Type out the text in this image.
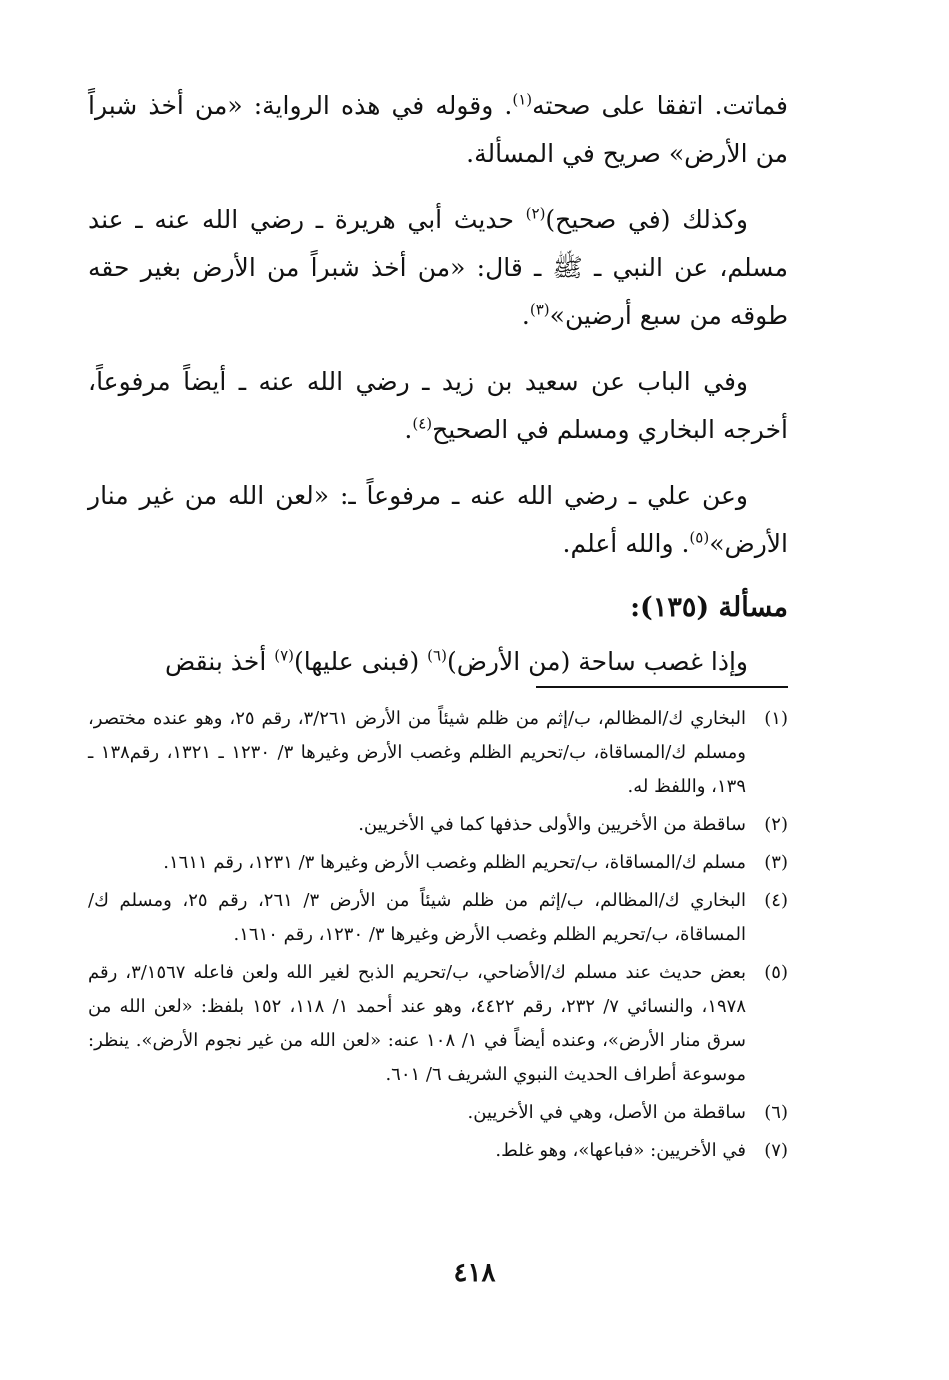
فماتت. اتفقا على صحته$^{(١)}$. وقوله في هذه الرواية: «من أخذ شبراً من الأرض» صريح في المسألة.

وكذلك (في صحيح)$^{(٢)}$ حديث أبي هريرة ـ رضي الله عنه ـ عند مسلم، عن النبي ـ ﷺ ـ قال: «من أخذ شبراً من الأرض بغير حقه طوقه من سبع أرضين»$^{(٣)}$.

وفي الباب عن سعيد بن زيد ـ رضي الله عنه ـ أيضاً مرفوعاً، أخرجه البخاري ومسلم في الصحيح$^{(٤)}$.

وعن علي ـ رضي الله عنه ـ مرفوعاً ـ: «لعن الله من غير منار الأرض»$^{(٥)}$. والله أعلم.

مسألة (١٣٥):

وإذا غصب ساحة (من الأرض)$^{(٦)}$ (فبنى عليها)$^{(٧)}$ أخذ بنقض

(١)
البخاري ك/المظالم، ب/إثم من ظلم شيئاً من الأرض ٣/٢٦١، رقم ٢٥، وهو عنده مختصر، ومسلم ك/المساقاة، ب/تحريم الظلم وغصب الأرض وغيرها ٣/ ١٢٣٠ ـ ١٣٢١، رقم١٣٨ ـ ١٣٩، واللفظ له.
(٢)
ساقطة من الأخريين والأولى حذفها كما في الأخريين.
(٣)
مسلم ك/المساقاة، ب/تحريم الظلم وغصب الأرض وغيرها ٣/ ١٢٣١، رقم ١٦١١.
(٤)
البخاري ك/المظالم، ب/إثم من ظلم شيئاً من الأرض ٣/ ٢٦١، رقم ٢٥، ومسلم ك/المساقاة، ب/تحريم الظلم وغصب الأرض وغيرها ٣/ ١٢٣٠، رقم ١٦١٠.
(٥)
بعض حديث عند مسلم ك/الأضاحي، ب/تحريم الذبح لغير الله ولعن فاعله ٣/١٥٦٧، رقم ١٩٧٨، والنسائي ٧/ ٢٣٢، رقم ٤٤٢٢، وهو عند أحمد ١/ ١١٨، ١٥٢ بلفظ: «لعن الله من سرق منار الأرض»، وعنده أيضاً في ١/ ١٠٨ عنه: «لعن الله من غير نجوم الأرض». ينظر: موسوعة أطراف الحديث النبوي الشريف ٦/ ٦٠١.
(٦)
ساقطة من الأصل، وهي في الأخريين.
(٧)
في الأخريين: «فباعها»، وهو غلط.
٤١٨
